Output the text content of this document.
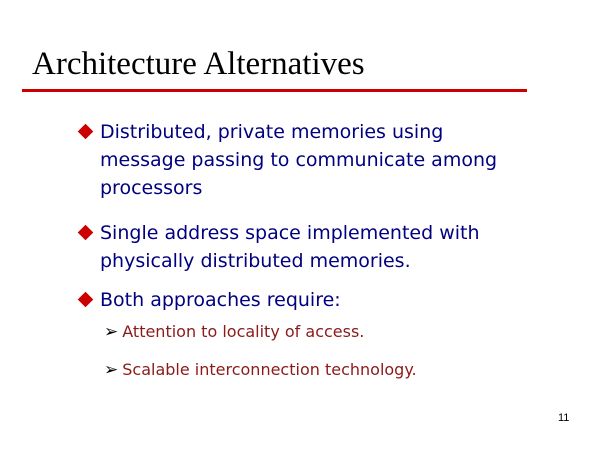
Architecture Alternatives
Distributed, private memories using
message passing to communicate among
processors
Single address space implemented with
physically distributed memories.
Both approaches require:
➢ Attention to locality of access.
➢ Scalable interconnection technology.
11
